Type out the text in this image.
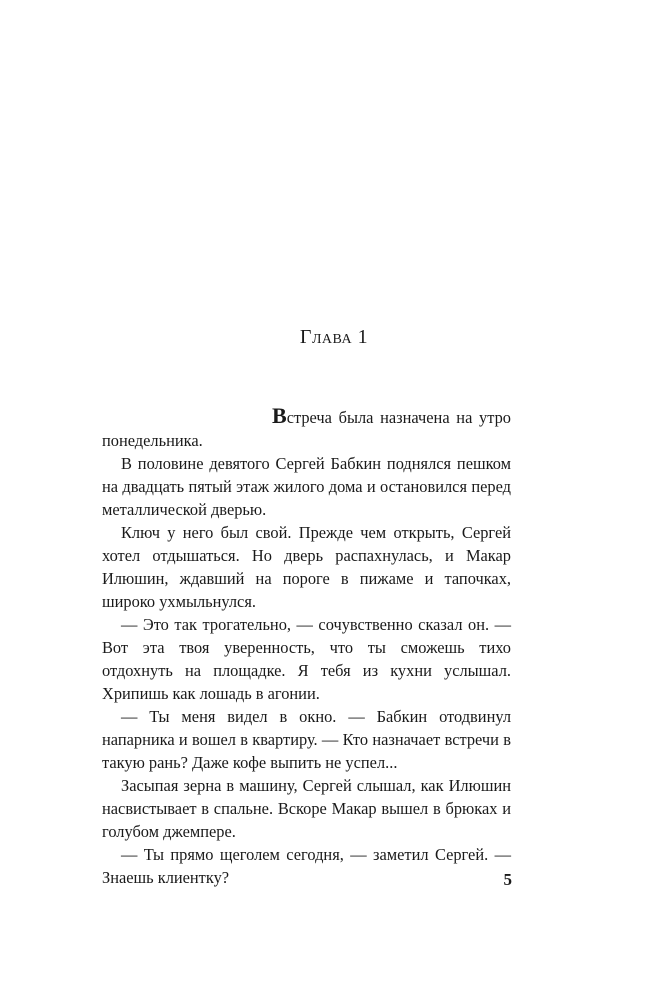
Глава 1

Встреча была назначена на утро понедельника.

В половине девятого Сергей Бабкин поднялся пешком на двадцать пятый этаж жилого дома и остановился перед металлической дверью.

Ключ у него был свой. Прежде чем открыть, Сергей хотел отдышаться. Но дверь распахнулась, и Макар Илюшин, ждавший на пороге в пижаме и тапочках, широко ухмыльнулся.

— Это так трогательно, — сочувственно сказал он. — Вот эта твоя уверенность, что ты сможешь тихо отдохнуть на площадке. Я тебя из кухни услышал. Хрипишь как лошадь в агонии.

— Ты меня видел в окно. — Бабкин отодвинул напарника и вошел в квартиру. — Кто назначает встречи в такую рань? Даже кофе выпить не успел...

Засыпая зерна в машину, Сергей слышал, как Илюшин насвистывает в спальне. Вскоре Макар вышел в брюках и голубом джемпере.

— Ты прямо щеголем сегодня, — заметил Сергей. — Знаешь клиентку?	5
